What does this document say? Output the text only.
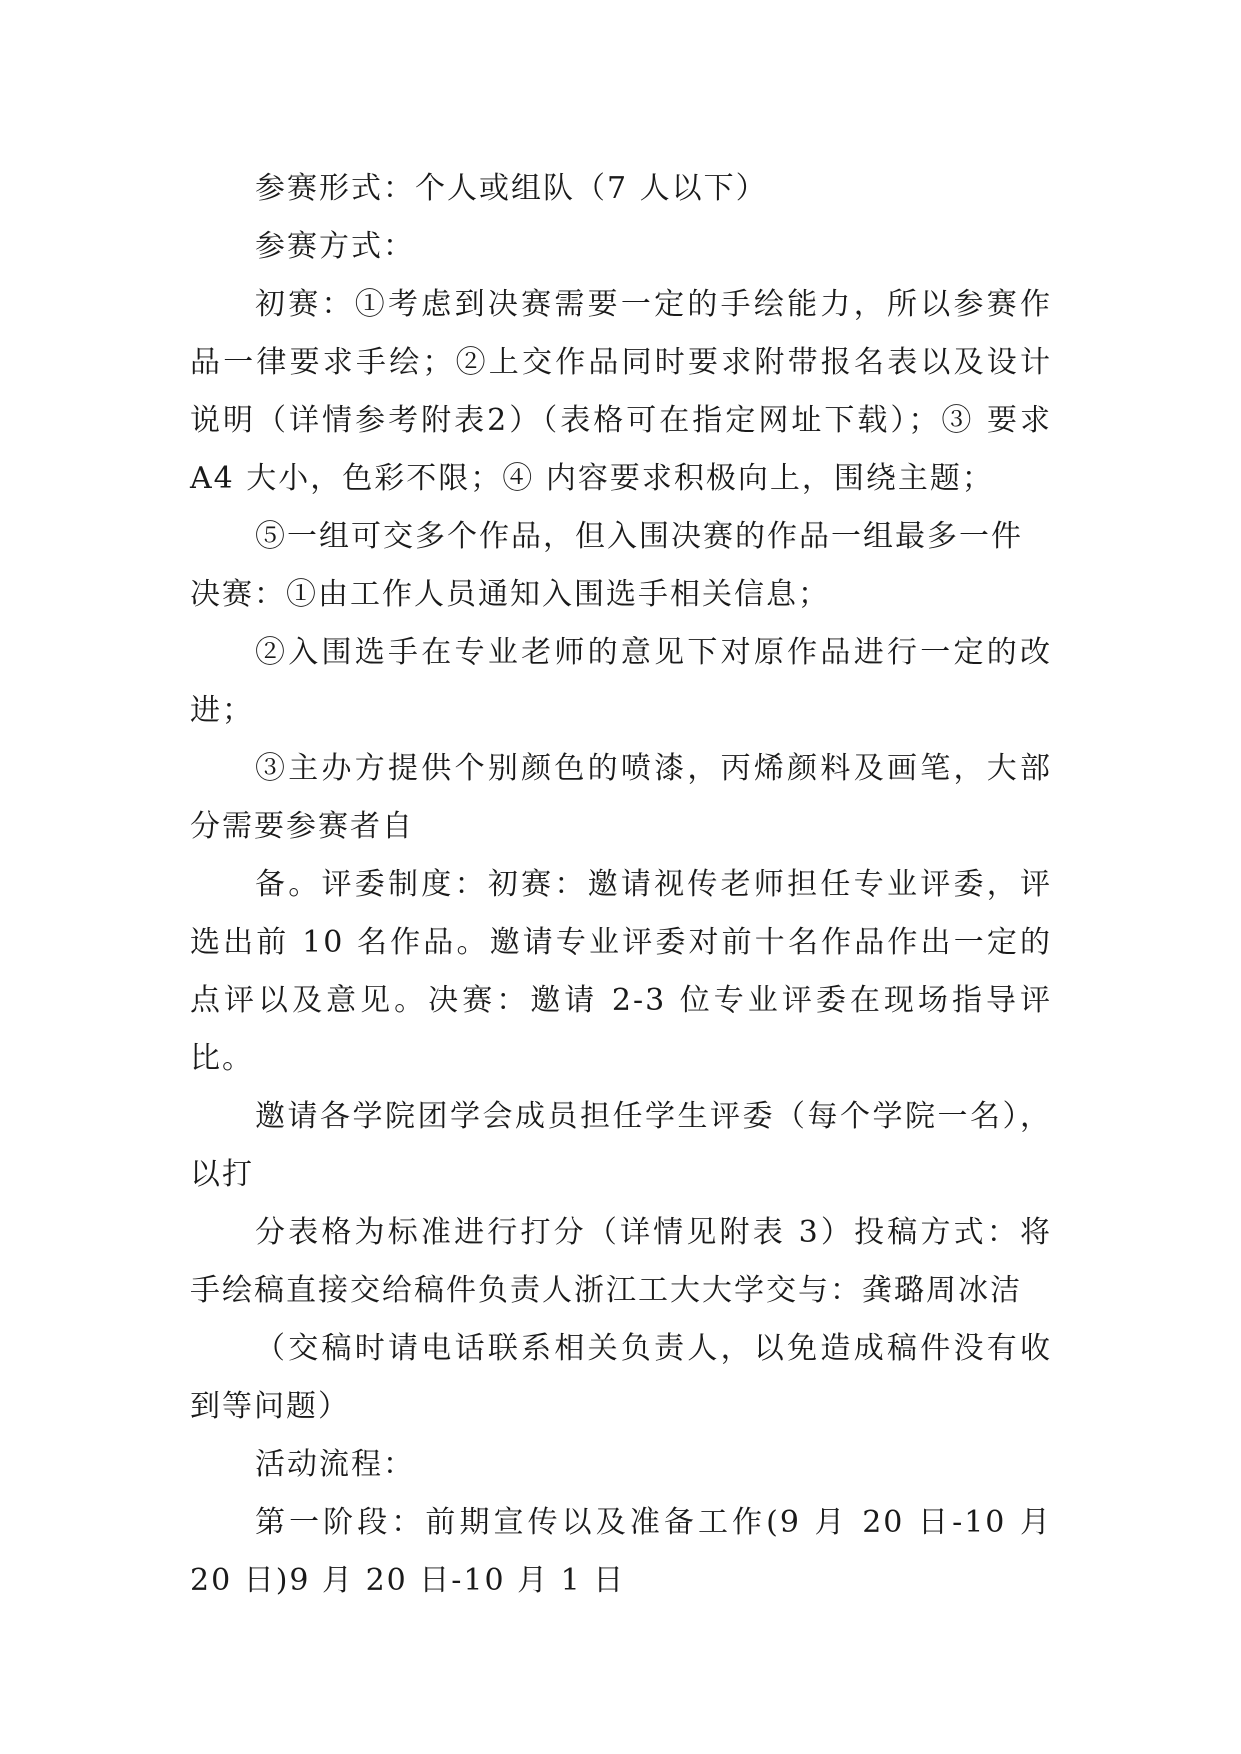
参赛形式：个人或组队（7 人以下）

参赛方式：

初赛：①考虑到决赛需要一定的手绘能力，所以参赛作品一律要求手绘；②上交作品同时要求附带报名表以及设计说明（详情参考附表2）（表格可在指定网址下载）；③ 要求A4 大小，色彩不限；④ 内容要求积极向上，围绕主题；

⑤一组可交多个作品，但入围决赛的作品一组最多一件

决赛：①由工作人员通知入围选手相关信息；

②入围选手在专业老师的意见下对原作品进行一定的改进；

③主办方提供个别颜色的喷漆，丙烯颜料及画笔，大部分需要参赛者自

备。评委制度：初赛：邀请视传老师担任专业评委，评选出前 10 名作品。邀请专业评委对前十名作品作出一定的点评以及意见。决赛：邀请 2-3 位专业评委在现场指导评比。

邀请各学院团学会成员担任学生评委（每个学院一名），以打

分表格为标准进行打分（详情见附表 3）投稿方式：将手绘稿直接交给稿件负责人浙江工大大学交与：龚璐周冰洁

（交稿时请电话联系相关负责人，以免造成稿件没有收到等问题）

活动流程：

第一阶段：前期宣传以及准备工作(9 月 20 日-10 月 20 日)9 月 20 日-10 月 1 日
